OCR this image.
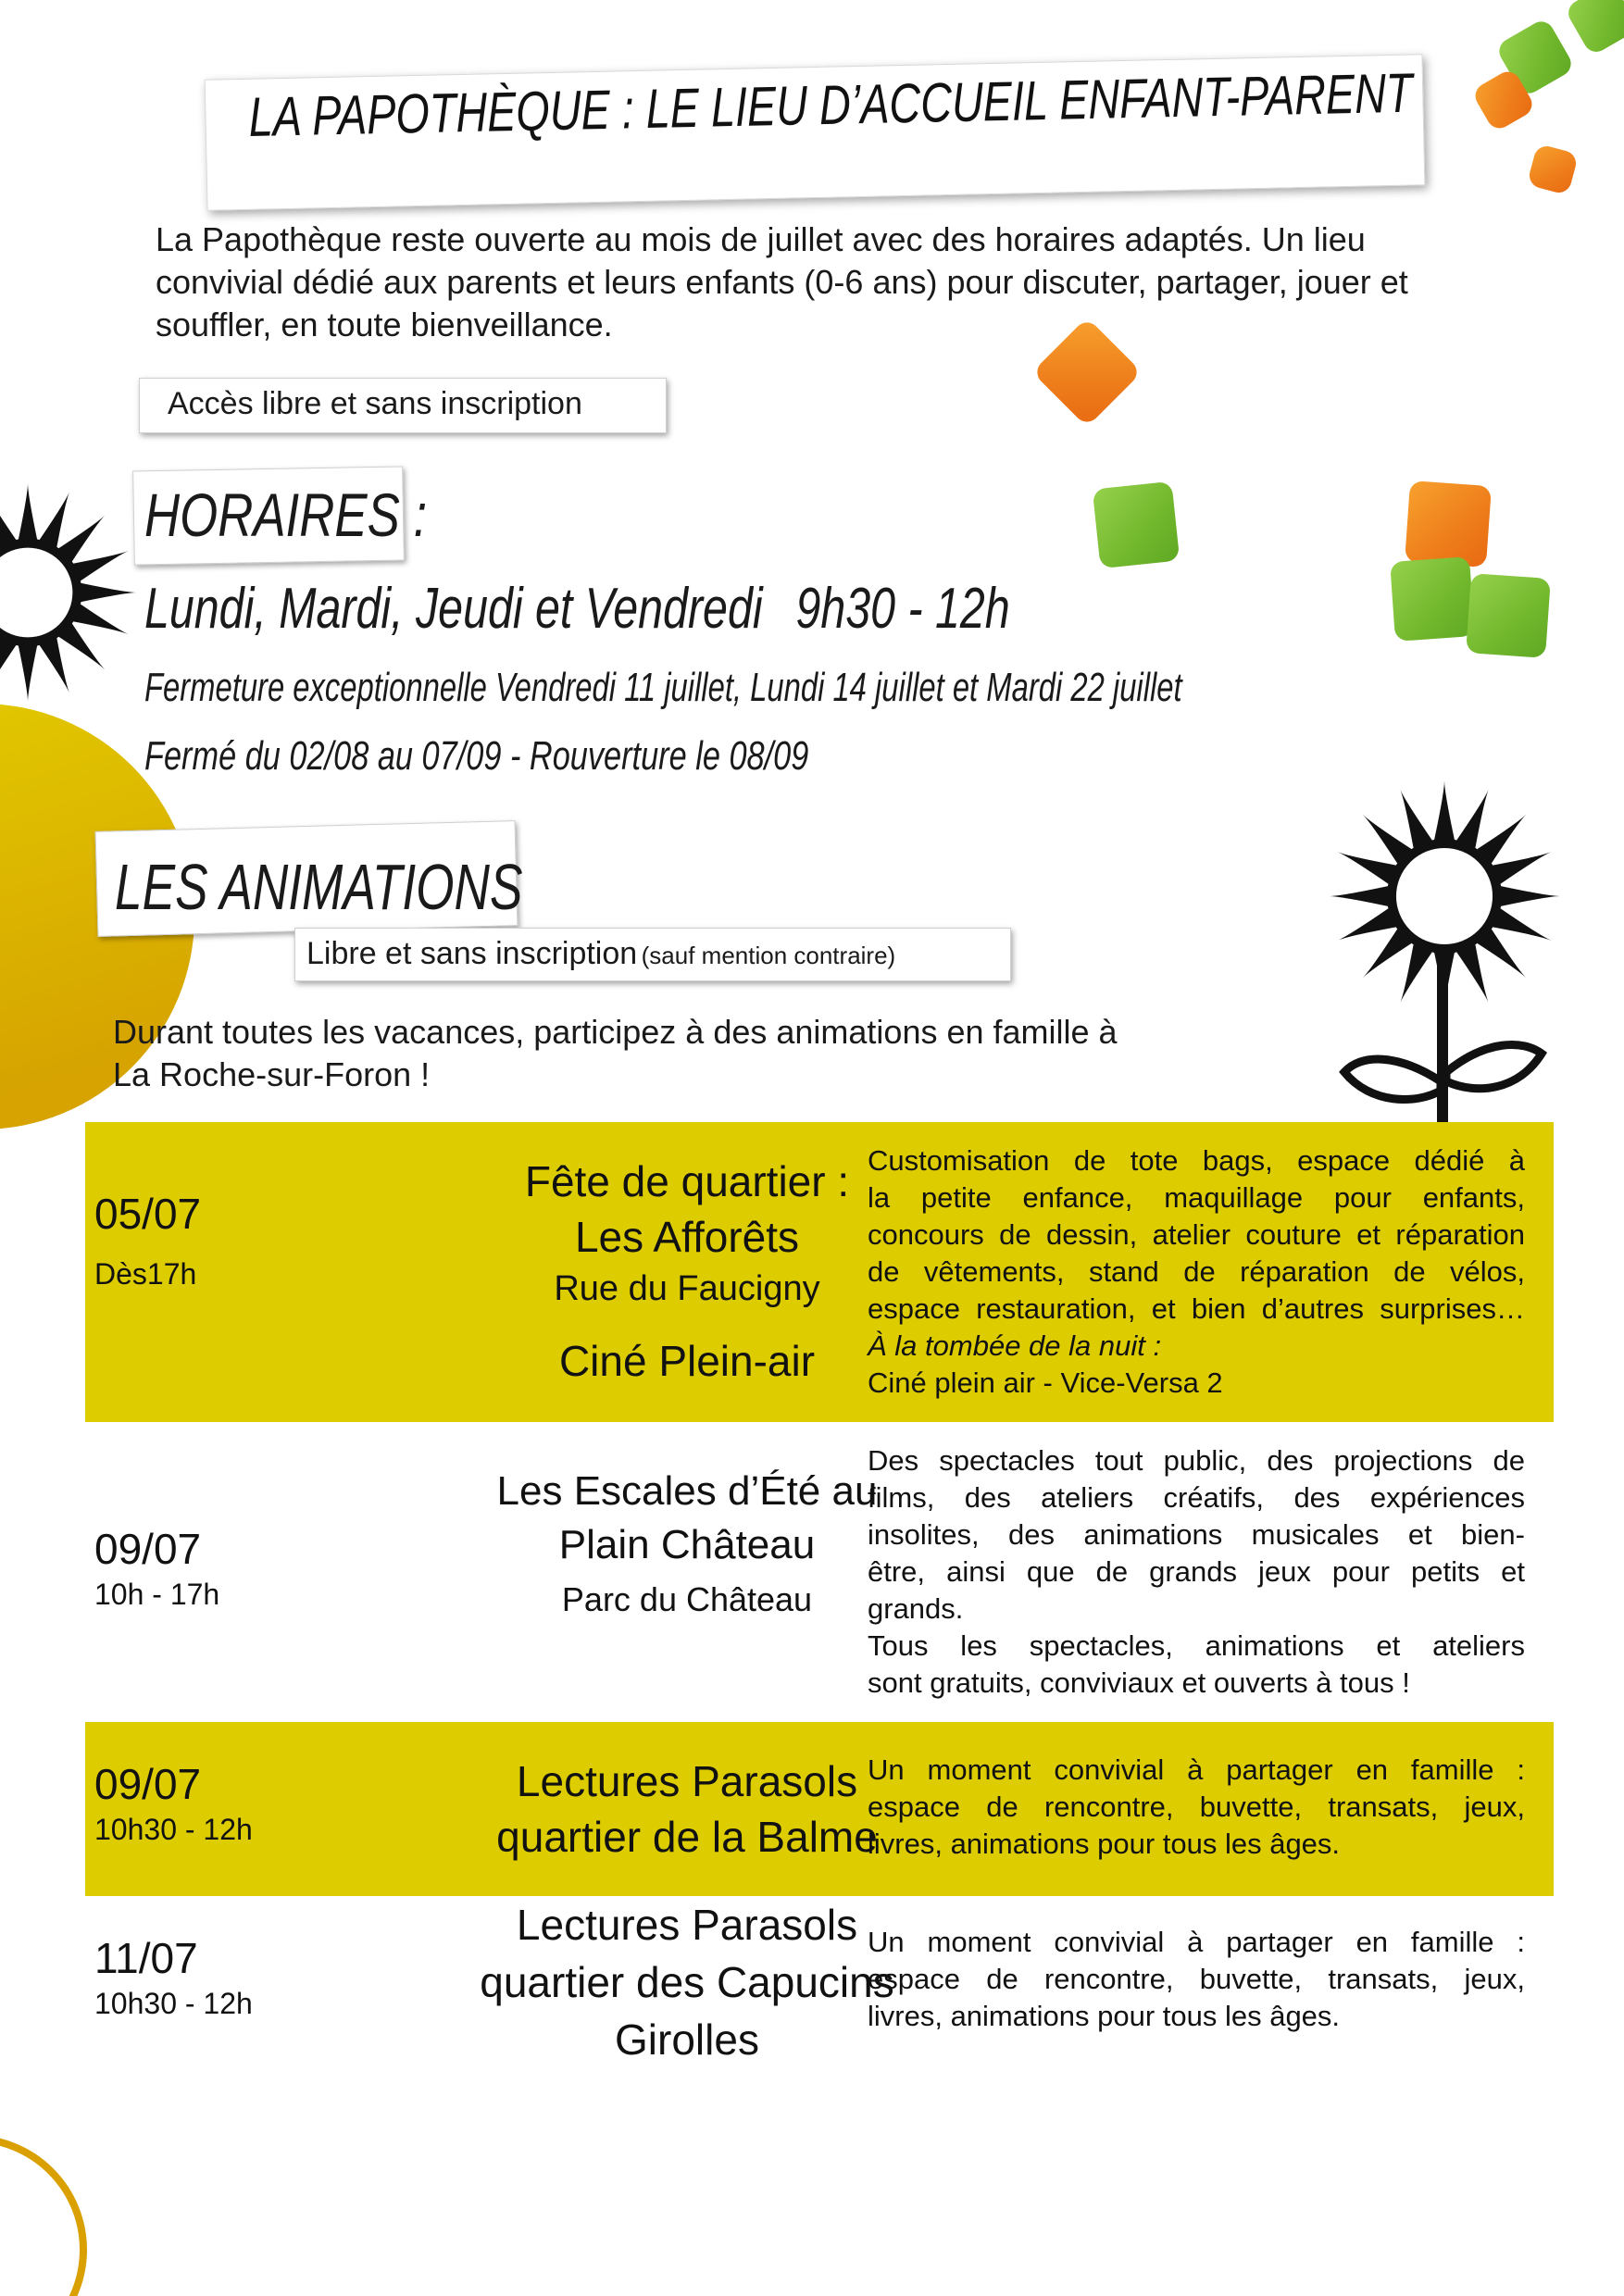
LA PAPOTHÈQUE : LE LIEU D’ACCUEIL ENFANT-PARENT
La Papothèque reste ouverte au mois de juillet avec des horaires adaptés. Un lieu
convivial dédié aux parents et leurs enfants (0-6 ans) pour discuter, partager, jouer et
souffler, en toute bienveillance.
Accès libre et sans inscription
HORAIRES :
Lundi, Mardi, Jeudi et Vendredi 9h30 - 12h
Fermeture exceptionnelle Vendredi 11 juillet, Lundi 14 juillet et Mardi 22 juillet
Fermé du 02/08 au 07/09 - Rouverture le 08/09
LES ANIMATIONS
Libre et sans inscription (sauf mention contraire)
Durant toutes les vacances, participez à des animations en famille à
La Roche-sur-Foron !
05/07
Dès17h
Fête de quartier :
Les Afforêts
Rue du Faucigny
Ciné Plein-air
Customisation de tote bags, espace dédié à
la petite enfance, maquillage pour enfants,
concours de dessin, atelier couture et réparation
de vêtements, stand de réparation de vélos,
espace restauration, et bien d’autres surprises…
À la tombée de la nuit :
Ciné plein air - Vice-Versa 2
09/07
10h - 17h
Les Escales d’Été au
Plain Château
Parc du Château
Des spectacles tout public, des projections de
films, des ateliers créatifs, des expériences
insolites, des animations musicales et bien-
être, ainsi que de grands jeux pour petits et
grands.
Tous les spectacles, animations et ateliers
sont gratuits, conviviaux et ouverts à tous !
09/07
10h30 - 12h
Lectures Parasols
quartier de la Balme
Un moment convivial à partager en famille :
espace de rencontre, buvette, transats, jeux,
livres, animations pour tous les âges.
11/07
10h30 - 12h
Lectures Parasols
quartier des Capucins
Girolles
Un moment convivial à partager en famille :
espace de rencontre, buvette, transats, jeux,
livres, animations pour tous les âges.
